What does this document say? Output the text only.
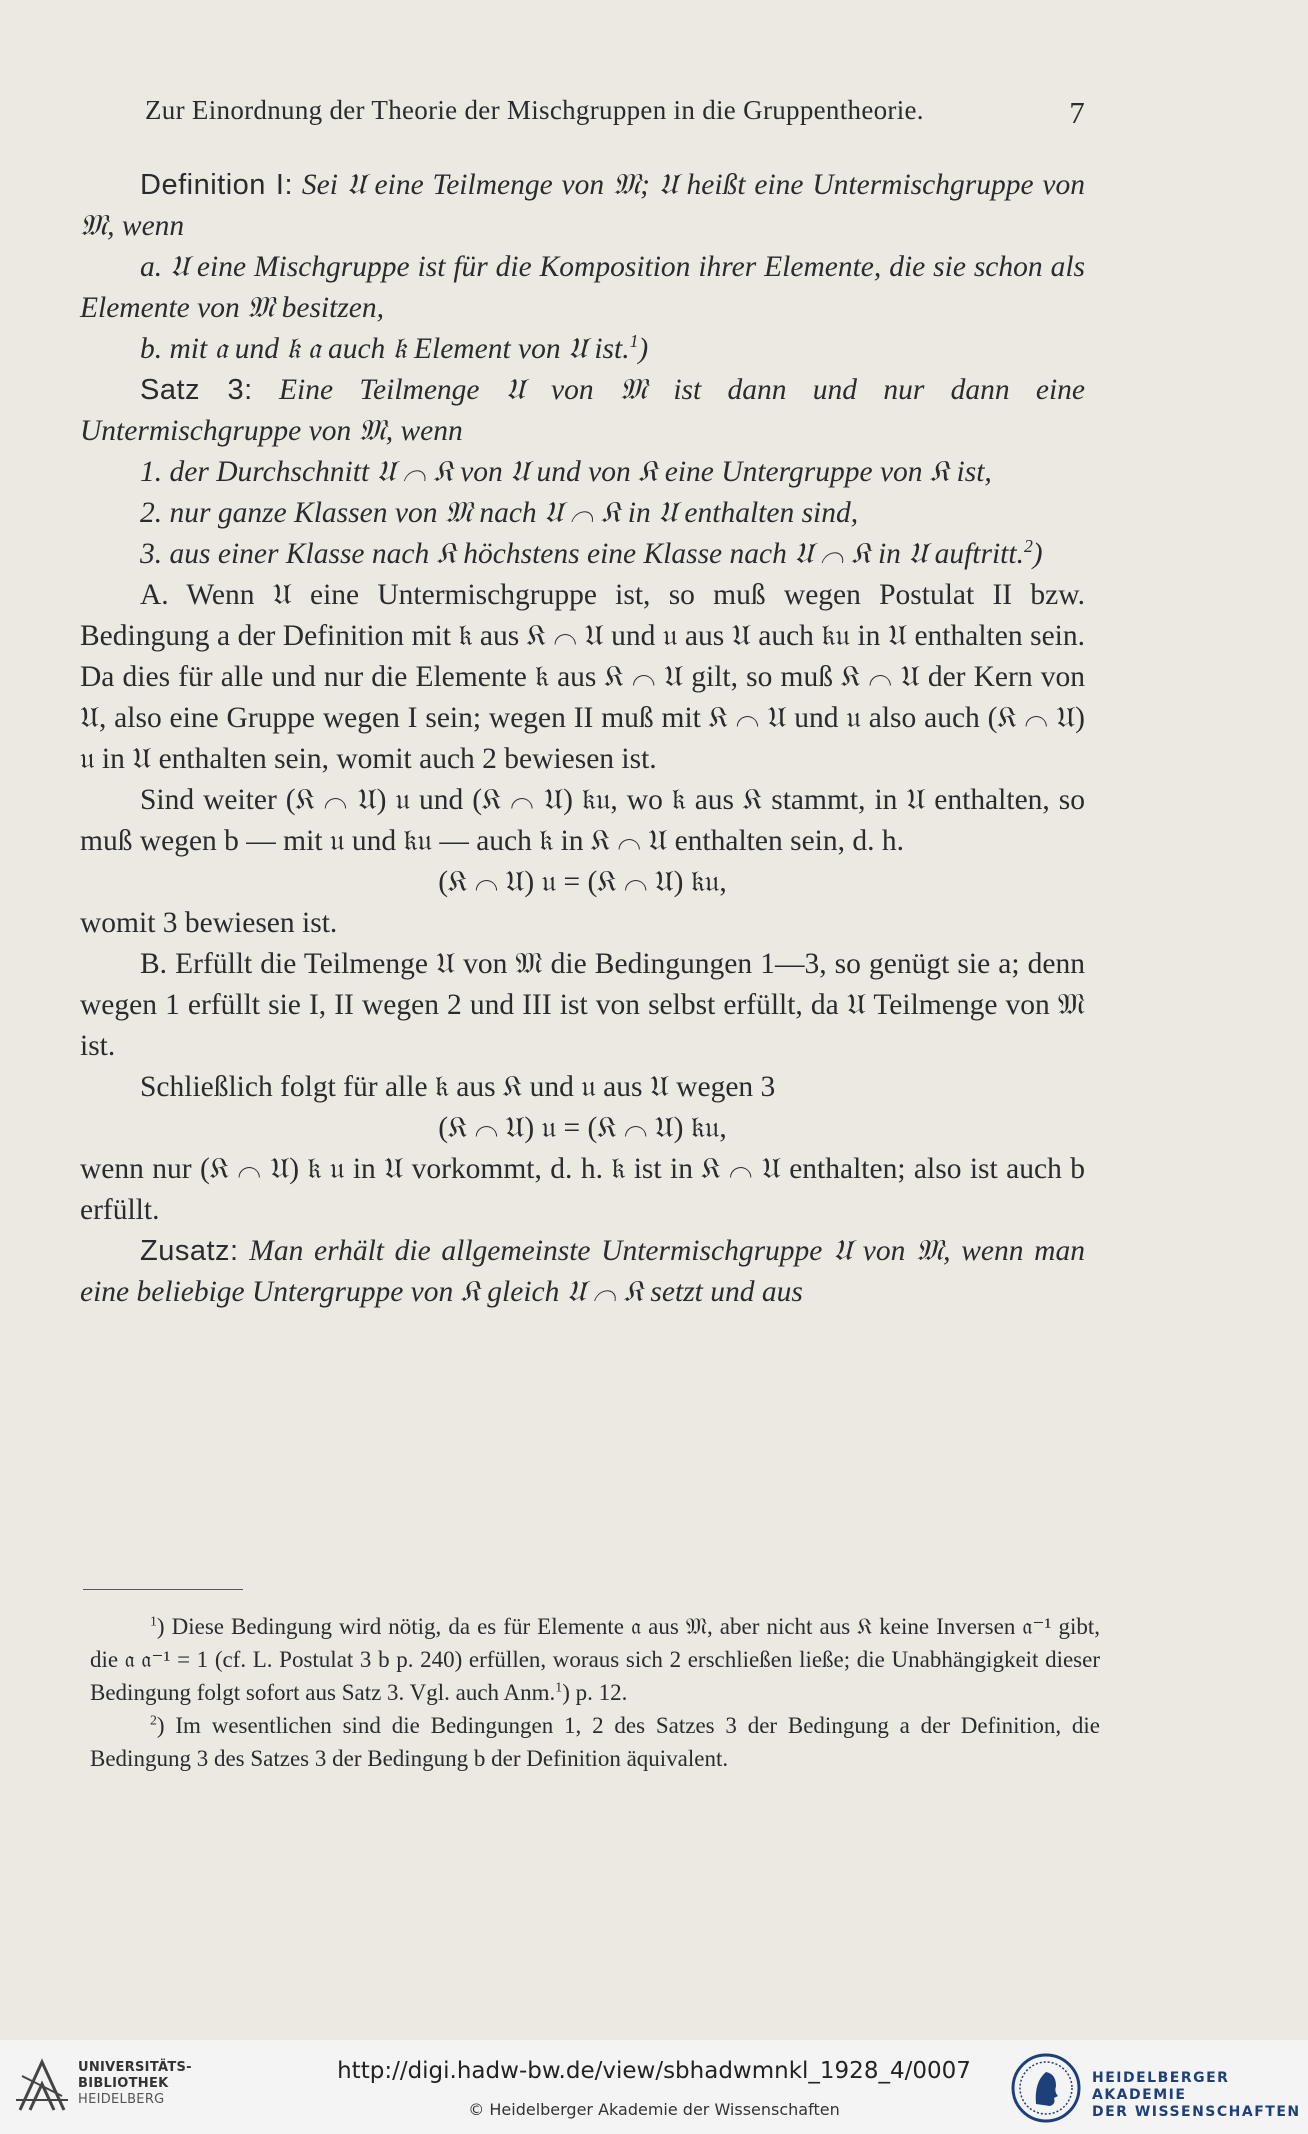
Zur Einordnung der Theorie der Mischgruppen in die Gruppentheorie.	7

Definition I: Sei 𝔘 eine Teilmenge von 𝔐; 𝔘 heißt eine Untermischgruppe von 𝔐, wenn

a. 𝔘 eine Mischgruppe ist für die Komposition ihrer Elemente, die sie schon als Elemente von 𝔐 besitzen,

b. mit 𝔞 und 𝔨 𝔞 auch 𝔨 Element von 𝔘 ist.$^1$)

Satz 3: Eine Teilmenge 𝔘 von 𝔐 ist dann und nur dann eine Untermischgruppe von 𝔐, wenn

1. der Durchschnitt 𝔘 ⌒ 𝔎 von 𝔘 und von 𝔎 eine Untergruppe von 𝔎 ist,

2. nur ganze Klassen von 𝔐 nach 𝔘 ⌒ 𝔎 in 𝔘 enthalten sind,

3. aus einer Klasse nach 𝔎 höchstens eine Klasse nach 𝔘 ⌒ 𝔎 in 𝔘 auftritt.$^2$)

A. Wenn 𝔘 eine Untermischgruppe ist, so muß wegen Postulat II bzw. Bedingung a der Definition mit 𝔨 aus 𝔎 ⌒ 𝔘 und 𝔲 aus 𝔘 auch 𝔨𝔲 in 𝔘 enthalten sein. Da dies für alle und nur die Elemente 𝔨 aus 𝔎 ⌒ 𝔘 gilt, so muß 𝔎 ⌒ 𝔘 der Kern von 𝔘, also eine Gruppe wegen I sein; wegen II muß mit 𝔎 ⌒ 𝔘 und 𝔲 also auch (𝔎 ⌒ 𝔘) 𝔲 in 𝔘 enthalten sein, womit auch 2 bewiesen ist.

Sind weiter (𝔎 ⌒ 𝔘) 𝔲 und (𝔎 ⌒ 𝔘) 𝔨𝔲, wo 𝔨 aus 𝔎 stammt, in 𝔘 enthalten, so muß wegen b — mit 𝔲 und 𝔨𝔲 — auch 𝔨 in 𝔎 ⌒ 𝔘 enthalten sein, d. h.

(𝔎 ⌒ 𝔘) 𝔲 = (𝔎 ⌒ 𝔘) 𝔨𝔲,

womit 3 bewiesen ist.

B. Erfüllt die Teilmenge 𝔘 von 𝔐 die Bedingungen 1—3, so genügt sie a; denn wegen 1 erfüllt sie I, II wegen 2 und III ist von selbst erfüllt, da 𝔘 Teilmenge von 𝔐 ist.

Schließlich folgt für alle 𝔨 aus 𝔎 und 𝔲 aus 𝔘 wegen 3

(𝔎 ⌒ 𝔘) 𝔲 = (𝔎 ⌒ 𝔘) 𝔨𝔲,

wenn nur (𝔎 ⌒ 𝔘) 𝔨 𝔲 in 𝔘 vorkommt, d. h. 𝔨 ist in 𝔎 ⌒ 𝔘 enthalten; also ist auch b erfüllt.

Zusatz: Man erhält die allgemeinste Untermischgruppe 𝔘 von 𝔐, wenn man eine beliebige Untergruppe von 𝔎 gleich 𝔘 ⌒ 𝔎 setzt und aus

$^1$) Diese Bedingung wird nötig, da es für Elemente 𝔞 aus 𝔐, aber nicht aus 𝔎 keine Inversen 𝔞⁻¹ gibt, die 𝔞 𝔞⁻¹ = 1 (cf. L. Postulat 3 b p. 240) erfüllen, woraus sich 2 erschließen ließe; die Unabhängigkeit dieser Bedingung folgt sofort aus Satz 3. Vgl. auch Anm.$^1$) p. 12.

$^2$) Im wesentlichen sind die Bedingungen 1, 2 des Satzes 3 der Bedingung a der Definition, die Bedingung 3 des Satzes 3 der Bedingung b der Definition äquivalent.

UNIVERSITÄTS-
BIBLIOTHEK
HEIDELBERG
http://digi.hadw-bw.de/view/sbhadwmnkl_1928_4/0007
© Heidelberger Akademie der Wissenschaften
HEIDELBERGER AKADEMIE
DER WISSENSCHAFTEN
